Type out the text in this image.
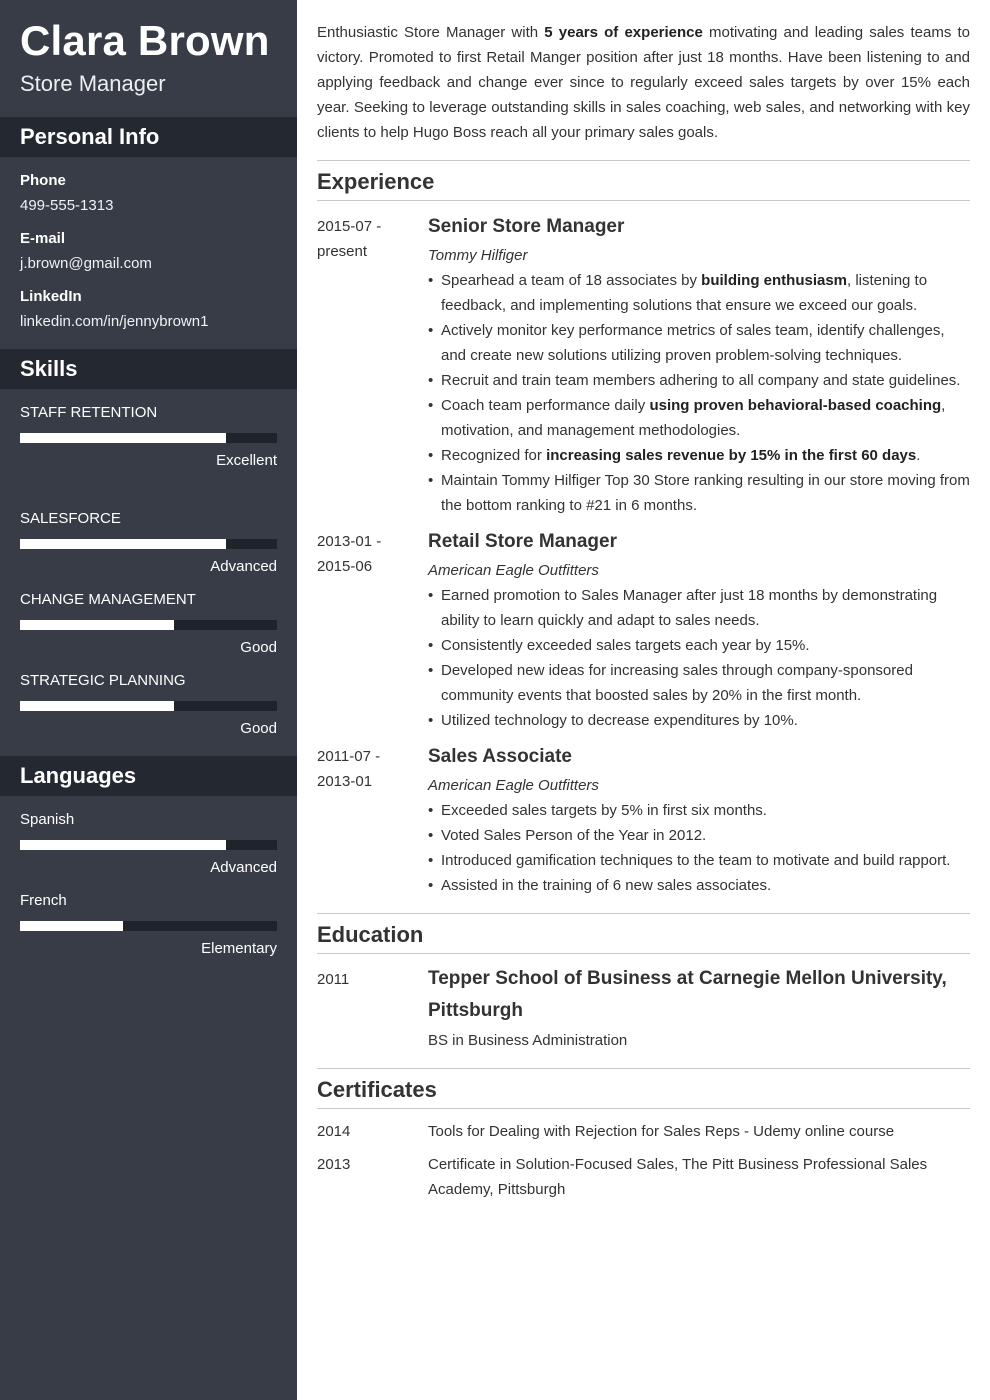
Clara Brown
Store Manager
Personal Info
Phone
499-555-1313
E-mail
j.brown@gmail.com
LinkedIn
linkedin.com/in/jennybrown1
Skills
STAFF RETENTION
Excellent
SALESFORCE
Advanced
CHANGE MANAGEMENT
Good
STRATEGIC PLANNING
Good
Languages
Spanish
Advanced
French
Elementary
Enthusiastic Store Manager with 5 years of experience motivating and leading sales teams to victory. Promoted to first Retail Manger position after just 18 months. Have been listening to and applying feedback and change ever since to regularly exceed sales targets by over 15% each year. Seeking to leverage outstanding skills in sales coaching, web sales, and networking with key clients to help Hugo Boss reach all your primary sales goals.
Experience
2015-07 -
present
Senior Store Manager
Tommy Hilfiger
• Spearhead a team of 18 associates by building enthusiasm, listening to feedback, and implementing solutions that ensure we exceed our goals.
• Actively monitor key performance metrics of sales team, identify challenges, and create new solutions utilizing proven problem-solving techniques.
• Recruit and train team members adhering to all company and state guidelines.
• Coach team performance daily using proven behavioral-based coaching, motivation, and management methodologies.
• Recognized for increasing sales revenue by 15% in the first 60 days.
• Maintain Tommy Hilfiger Top 30 Store ranking resulting in our store moving from the bottom ranking to #21 in 6 months.
2013-01 -
2015-06
Retail Store Manager
American Eagle Outfitters
• Earned promotion to Sales Manager after just 18 months by demonstrating ability to learn quickly and adapt to sales needs.
• Consistently exceeded sales targets each year by 15%.
• Developed new ideas for increasing sales through company-sponsored community events that boosted sales by 20% in the first month.
• Utilized technology to decrease expenditures by 10%.
2011-07 -
2013-01
Sales Associate
American Eagle Outfitters
• Exceeded sales targets by 5% in first six months.
• Voted Sales Person of the Year in 2012.
• Introduced gamification techniques to the team to motivate and build rapport.
• Assisted in the training of 6 new sales associates.
Education
2011	Tepper School of Business at Carnegie Mellon University, Pittsburgh
BS in Business Administration
Certificates
2014	Tools for Dealing with Rejection for Sales Reps - Udemy online course
2013	Certificate in Solution-Focused Sales, The Pitt Business Professional Sales Academy, Pittsburgh
